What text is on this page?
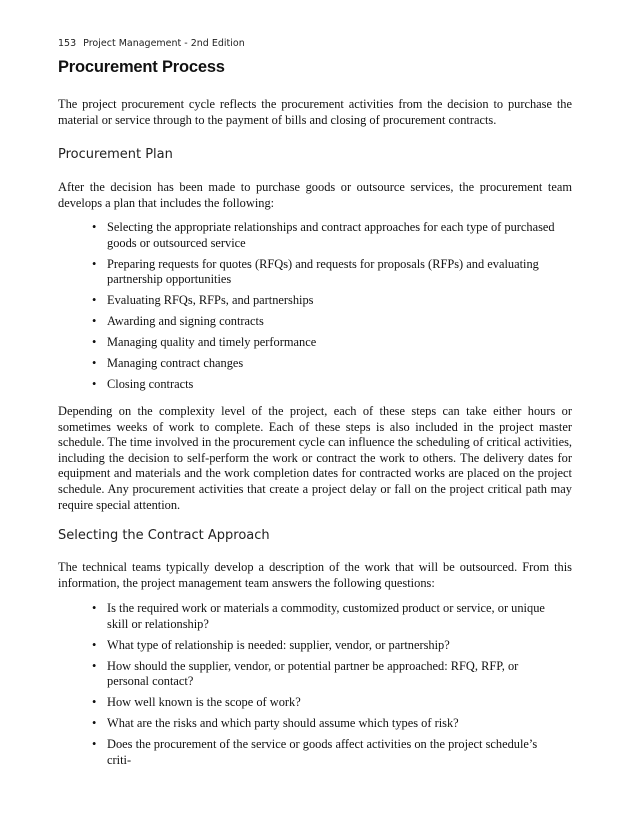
153 Project Management - 2nd Edition
Procurement Process

The project procurement cycle reflects the procurement activities from the decision to purchase the material or service through to the payment of bills and closing of procurement contracts.

Procurement Plan

After the decision has been made to purchase goods or outsource services, the procurement team develops a plan that includes the following:

• Selecting the appropriate relationships and contract approaches for each type of purchased goods or outsourced service
• Preparing requests for quotes (RFQs) and requests for proposals (RFPs) and evaluating partnership opportunities
• Evaluating RFQs, RFPs, and partnerships
• Awarding and signing contracts
• Managing quality and timely performance
• Managing contract changes
• Closing contracts

Depending on the complexity level of the project, each of these steps can take either hours or sometimes weeks of work to complete. Each of these steps is also included in the project master schedule. The time involved in the procurement cycle can influence the scheduling of critical activities, including the decision to self-perform the work or contract the work to others. The delivery dates for equipment and materials and the work completion dates for contracted works are placed on the project schedule. Any procurement activities that create a project delay or fall on the project critical path may require special attention.

Selecting the Contract Approach

The technical teams typically develop a description of the work that will be outsourced. From this information, the project management team answers the following questions:

• Is the required work or materials a commodity, customized product or service, or unique skill or relationship?
• What type of relationship is needed: supplier, vendor, or partnership?
• How should the supplier, vendor, or potential partner be approached: RFQ, RFP, or personal contact?
• How well known is the scope of work?
• What are the risks and which party should assume which types of risk?
• Does the procurement of the service or goods affect activities on the project schedule’s criti-
